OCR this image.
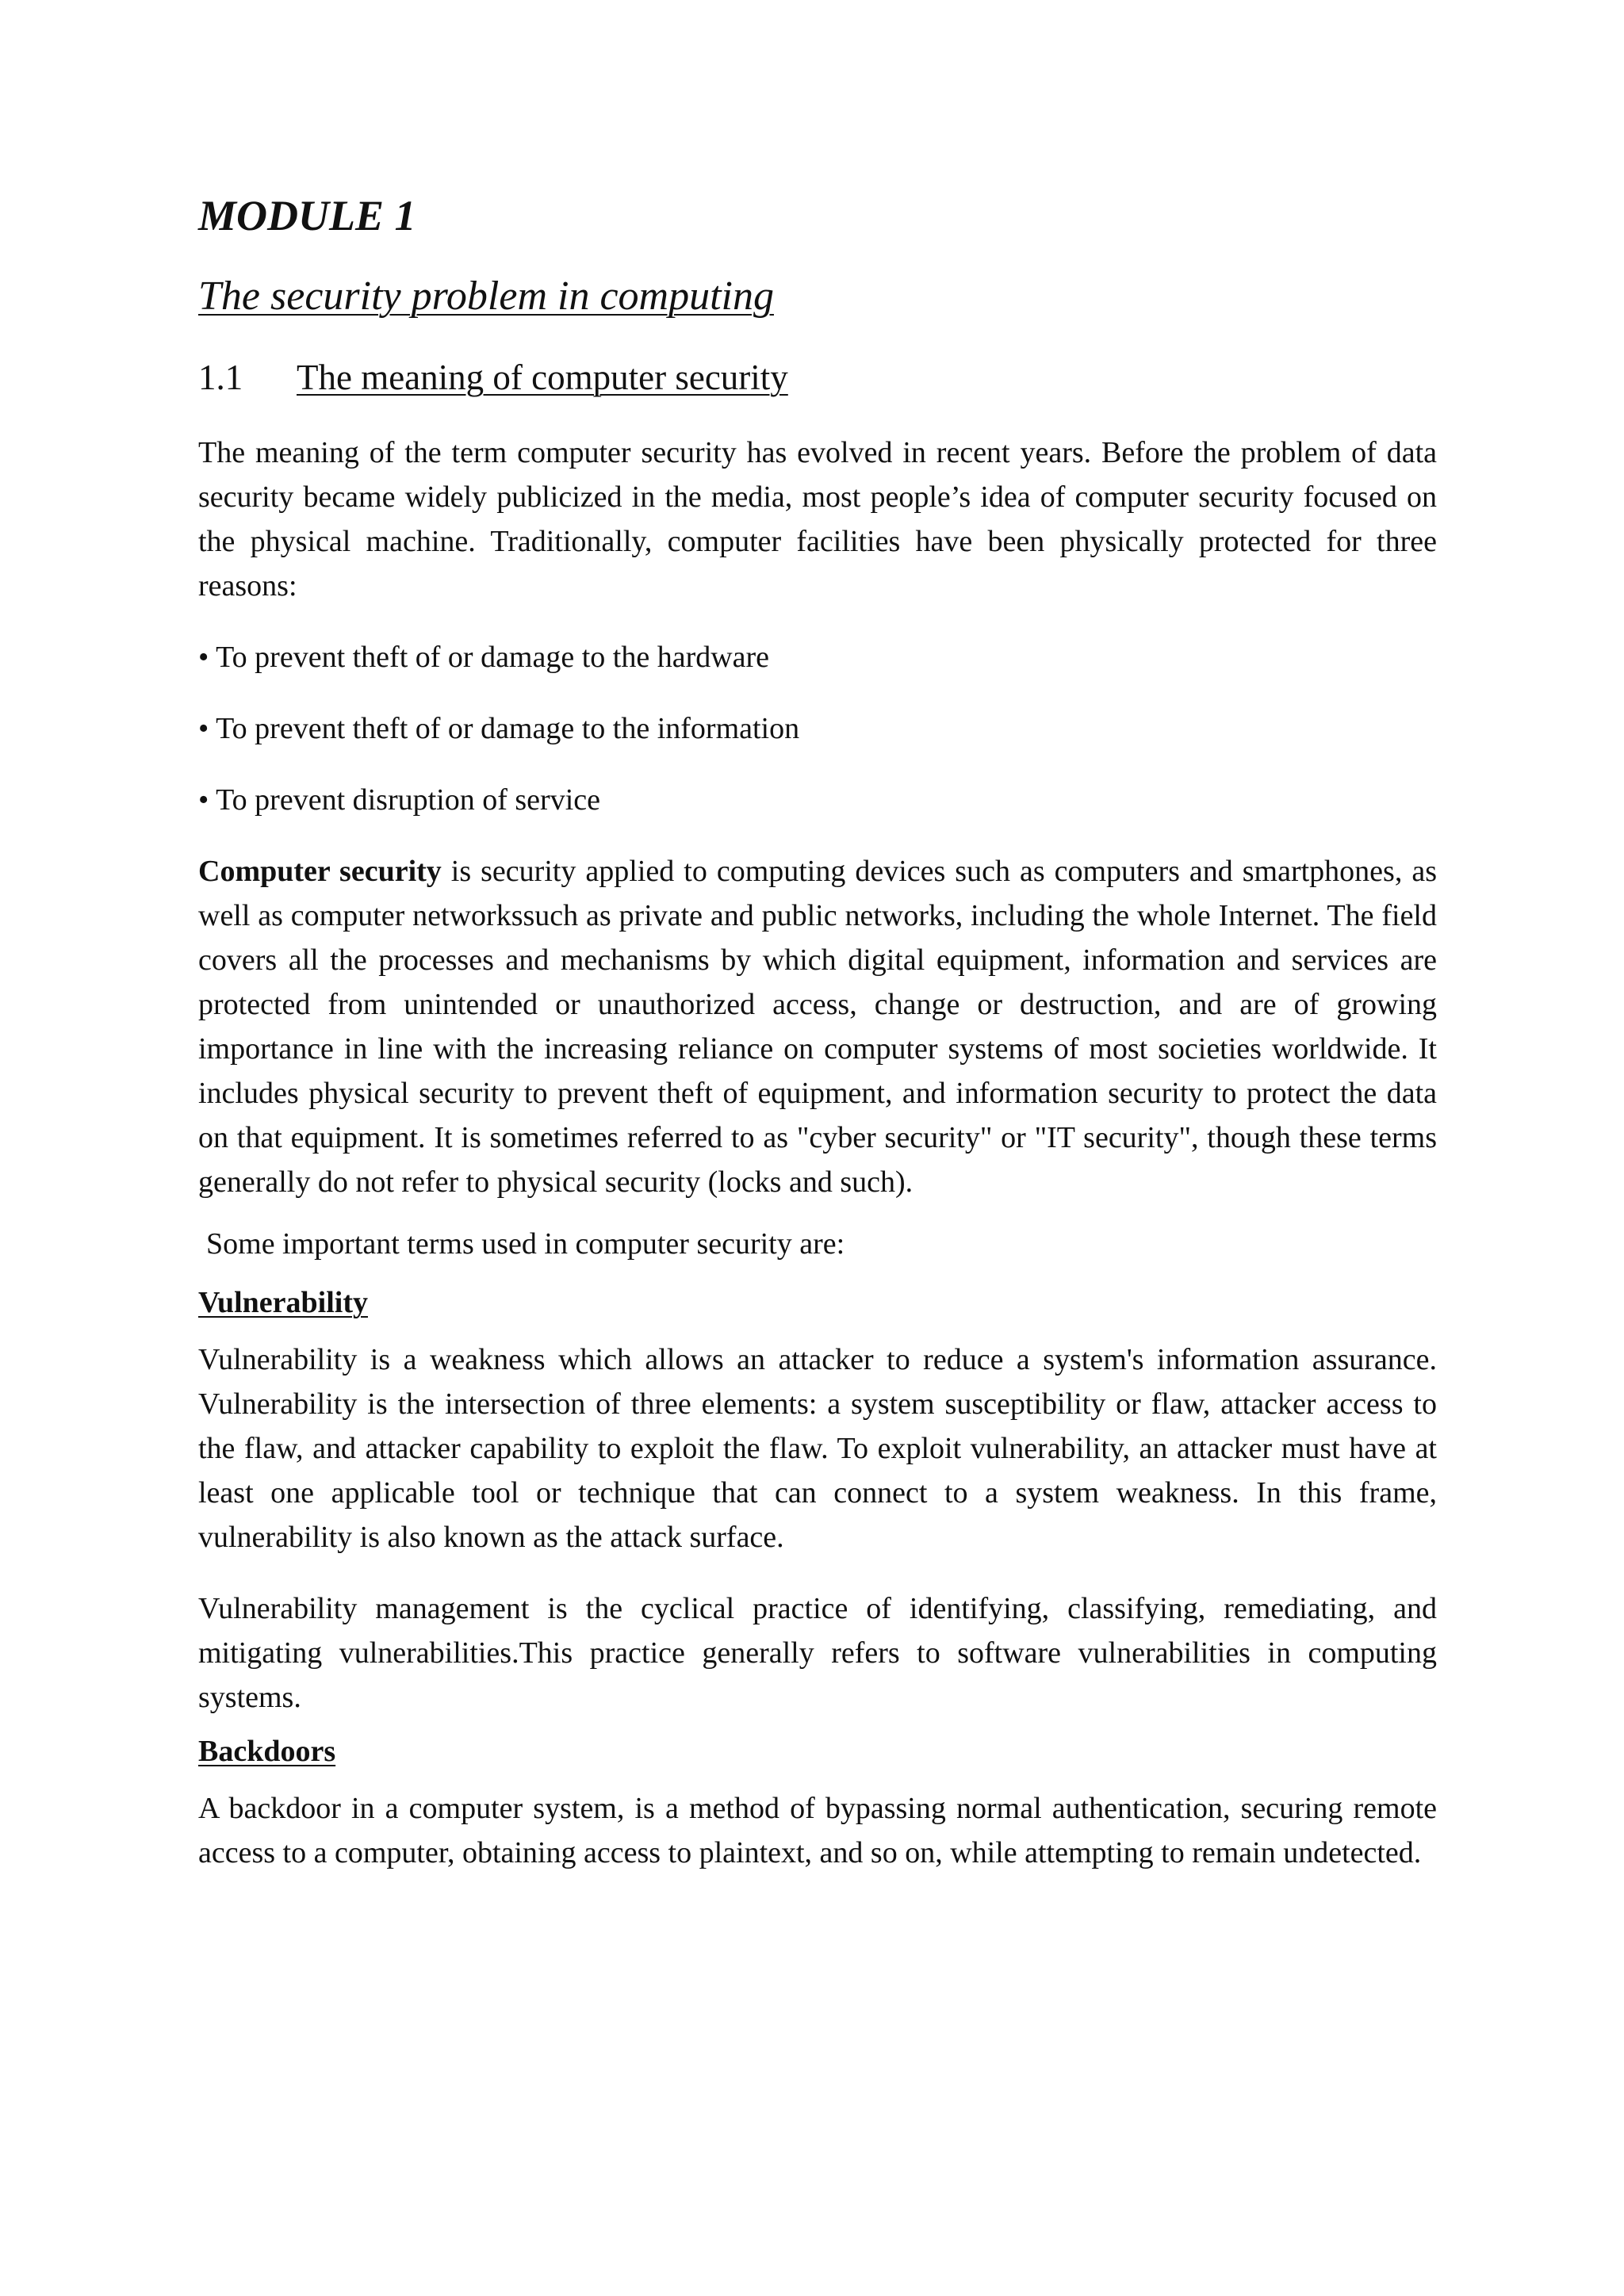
MODULE 1
The security problem in computing
1.1	The meaning of computer security

The meaning of the term computer security has evolved in recent years. Before the problem of data security became widely publicized in the media, most people’s idea of computer security focused on the physical machine. Traditionally, computer facilities have been physically protected for three reasons:

• To prevent theft of or damage to the hardware
• To prevent theft of or damage to the information
• To prevent disruption of service

Computer security is security applied to computing devices such as computers and smartphones, as well as computer networkssuch as private and public networks, including the whole Internet. The field covers all the processes and mechanisms by which digital equipment, information and services are protected from unintended or unauthorized access, change or destruction, and are of growing importance in line with the increasing reliance on computer systems of most societies worldwide. It includes physical security to prevent theft of equipment, and information security to protect the data on that equipment. It is sometimes referred to as "cyber security" or "IT security", though these terms generally do not refer to physical security (locks and such).

Some important terms used in computer security are:

Vulnerability

Vulnerability is a weakness which allows an attacker to reduce a system's information assurance. Vulnerability is the intersection of three elements: a system susceptibility or flaw, attacker access to the flaw, and attacker capability to exploit the flaw. To exploit vulnerability, an attacker must have at least one applicable tool or technique that can connect to a system weakness. In this frame, vulnerability is also known as the attack surface.

Vulnerability management is the cyclical practice of identifying, classifying, remediating, and mitigating vulnerabilities.This practice generally refers to software vulnerabilities in computing systems.

Backdoors

A backdoor in a computer system, is a method of bypassing normal authentication, securing remote access to a computer, obtaining access to plaintext, and so on, while attempting to remain undetected.
